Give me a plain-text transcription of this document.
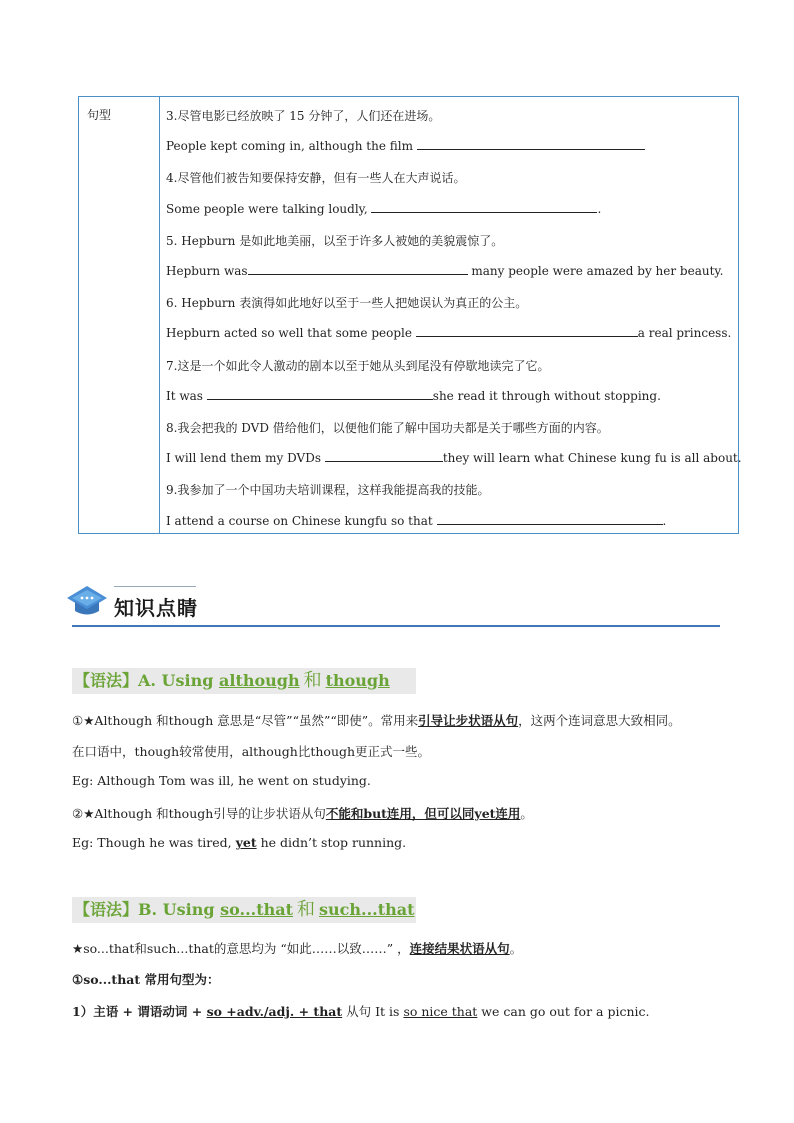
句型	3.尽管电影已经放映了 15 分钟了，人们还在进场。
People kept coming in, although the film
4.尽管他们被告知要保持安静，但有一些人在大声说话。
Some people were talking loudly,	.
5. Hepburn 是如此地美丽，以至于许多人被她的美貌震惊了。
Hepburn was	many people were amazed by her beauty.
6. Hepburn 表演得如此地好以至于一些人把她误认为真正的公主。
Hepburn acted so well that some people	a real princess.
7.这是一个如此令人激动的剧本以至于她从头到尾没有停歇地读完了它。
It was	she read it through without stopping.
8.我会把我的 DVD 借给他们，以便他们能了解中国功夫都是关于哪些方面的内容。
I will lend them my DVDs	they will learn what Chinese kung fu is all about.
9.我参加了一个中国功夫培训课程，这样我能提高我的技能。
I attend a course on Chinese kungfu so that	.
知识点睛
【语法】A. Using although 和 though
①★Although 和though 意思是“尽管”“虽然”“即使”。常用来引导让步状语从句，这两个连词意思大致相同。
在口语中，though较常使用，although比though更正式一些。
Eg: Although Tom was ill, he went on studying.
②★Although 和though引导的让步状语从句不能和but连用，但可以同yet连用。
Eg: Though he was tired, yet he didn’t stop running.
【语法】B. Using so...that 和 such...that
★so...that和such...that的意思均为 “如此……以致……” ，连接结果状语从句。
①so...that 常用句型为：
1）主语 + 谓语动词 + so +adv./adj. + that 从句 It is so nice that we can go out for a picnic.
